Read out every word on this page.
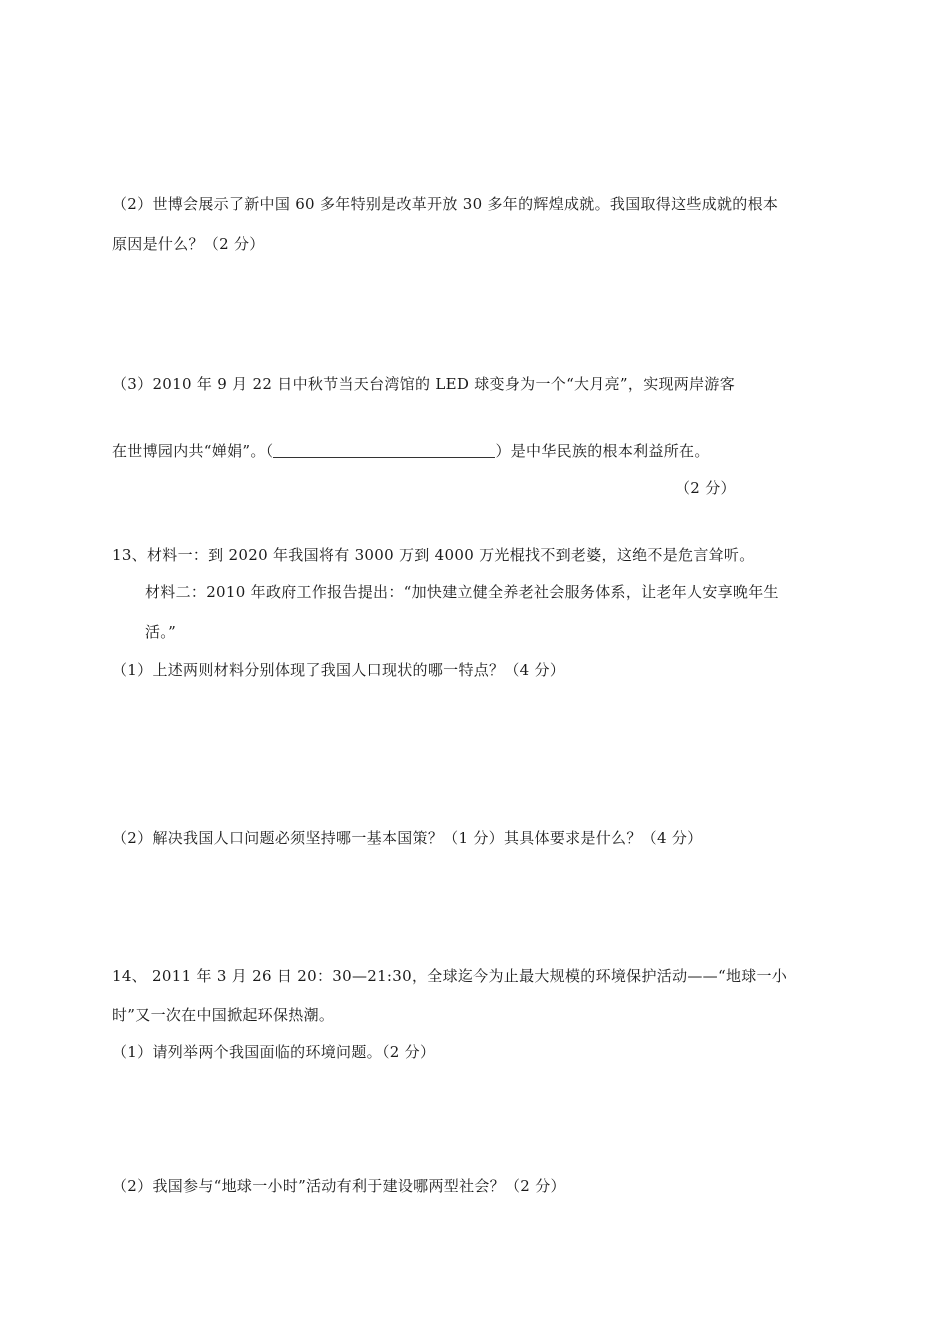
（2）世博会展示了新中国 60 多年特别是改革开放 30 多年的辉煌成就。我国取得这些成就的根本
原因是什么？（2 分）
（3）2010 年 9 月 22 日中秋节当天台湾馆的 LED 球变身为一个“大月亮”，实现两岸游客
在世博园内共“婵娟”。（	）是中华民族的根本利益所在。
（2 分）
13、材料一：到 2020 年我国将有 3000 万到 4000 万光棍找不到老婆，这绝不是危言耸听。
材料二：2010 年政府工作报告提出：“加快建立健全养老社会服务体系，让老年人安享晚年生
活。”
（1）上述两则材料分别体现了我国人口现状的哪一特点？（4 分）
（2）解决我国人口问题必须坚持哪一基本国策？（1 分）其具体要求是什么？（4 分）
14、 2011 年 3 月 26 日 20：30—21:30，全球迄今为止最大规模的环境保护活动——“地球一小
时”又一次在中国掀起环保热潮。
（1）请列举两个我国面临的环境问题。（2 分）
（2）我国参与“地球一小时”活动有利于建设哪两型社会？（2 分）
